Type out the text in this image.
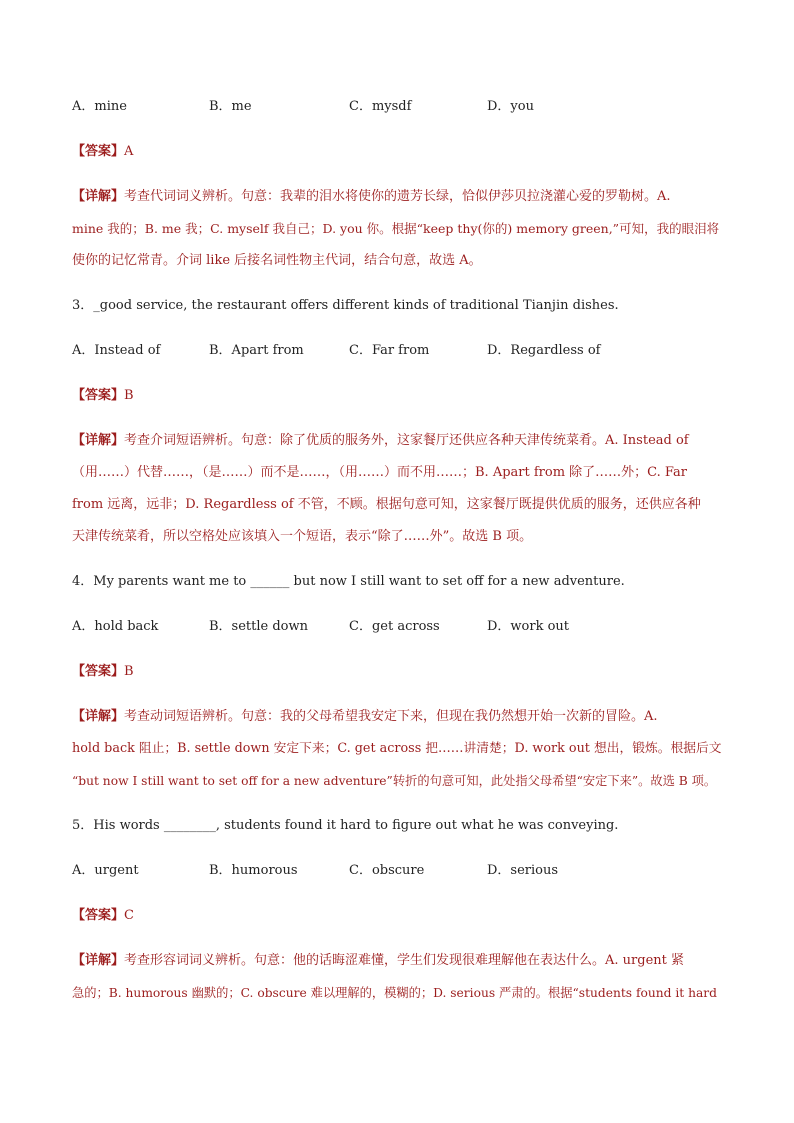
A．mine	B．me	C．mysdf	D．you
【答案】A
【详解】考查代词词义辨析。句意：我辈的泪水将使你的遗芳长绿，恰似伊莎贝拉浇灌心爱的罗勒树。A.
mine 我的；B. me 我；C. myself 我自己；D. you 你。根据“keep thy(你的) memory green,”可知，我的眼泪将
使你的记忆常青。介词 like 后接名词性物主代词，结合句意，故选 A。
3．_good service, the restaurant offers different kinds of traditional Tianjin dishes.
A．Instead of	B．Apart from	C．Far from	D．Regardless of
【答案】B
【详解】考查介词短语辨析。句意：除了优质的服务外，这家餐厅还供应各种天津传统菜肴。A. Instead of
（用……）代替……，（是……）而不是……，（用……）而不用……；B. Apart from 除了……外；C. Far
from 远离，远非；D. Regardless of 不管，不顾。根据句意可知，这家餐厅既提供优质的服务，还供应各种
天津传统菜肴，所以空格处应该填入一个短语，表示“除了……外”。故选 B 项。
4．My parents want me to ______ but now I still want to set off for a new adventure.
A．hold back	B．settle down	C．get across	D．work out
【答案】B
【详解】考查动词短语辨析。句意：我的父母希望我安定下来，但现在我仍然想开始一次新的冒险。A.
hold back 阻止；B. settle down 安定下来；C. get across 把……讲清楚；D. work out 想出，锻炼。根据后文
“but now I still want to set off for a new adventure”转折的句意可知，此处指父母希望“安定下来”。故选 B 项。
5．His words ________, students found it hard to figure out what he was conveying.
A．urgent	B．humorous	C．obscure	D．serious
【答案】C
【详解】考查形容词词义辨析。句意：他的话晦涩难懂，学生们发现很难理解他在表达什么。A. urgent 紧
急的；B. humorous 幽默的；C. obscure 难以理解的，模糊的；D. serious 严肃的。根据“students found it hard
